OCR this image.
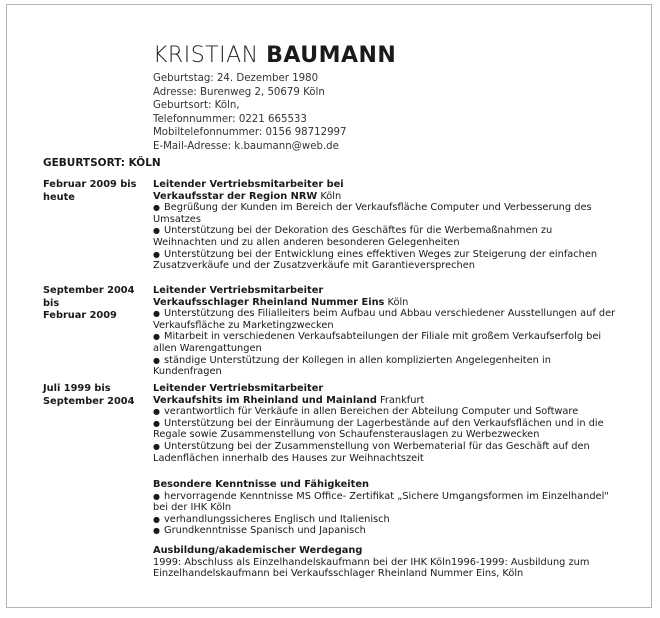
KRISTIAN BAUMANN
Geburtstag: 24. Dezember 1980
Adresse: Burenweg 2, 50679 Köln
Geburtsort: Köln,
Telefonnummer: 0221 665533
Mobiltelefonnummer: 0156 98712997
E-Mail-Adresse: k.baumann@web.de
GEBURTSORT: KÖLN
Februar 2009 bis
heute
Leitender Vertriebsmitarbeiter bei
Verkaufsstar der Region NRW Köln
● Begrüßung der Kunden im Bereich der Verkaufsfläche Computer und Verbesserung des Umsatzes
● Unterstützung bei der Dekoration des Geschäftes für die Werbemaßnahmen zu Weihnachten und zu allen anderen besonderen Gelegenheiten
● Unterstützung bei der Entwicklung eines effektiven Weges zur Steigerung der einfachen Zusatzverkäufe und der Zusatzverkäufe mit Garantieversprechen
September 2004 bis
Februar 2009
Leitender Vertriebsmitarbeiter
Verkaufsschlager Rheinland Nummer Eins Köln
● Unterstützung des Filialleiters beim Aufbau und Abbau verschiedener Ausstellungen auf der Verkaufsfläche zu Marketingzwecken
● Mitarbeit in verschiedenen Verkaufsabteilungen der Filiale mit großem Verkaufserfolg bei allen Warengattungen
● ständige Unterstützung der Kollegen in allen komplizierten Angelegenheiten in Kundenfragen
Juli 1999 bis
September 2004
Leitender Vertriebsmitarbeiter
Verkaufshits im Rheinland und Mainland Frankfurt
● verantwortlich für Verkäufe in allen Bereichen der Abteilung Computer und Software
● Unterstützung bei der Einräumung der Lagerbestände auf den Verkaufsflächen und in die Regale sowie Zusammenstellung von Schaufensterauslagen zu Werbezwecken
● Unterstützung bei der Zusammenstellung von Werbematerial für das Geschäft auf den Ladenflächen innerhalb des Hauses zur Weihnachtszeit
Besondere Kenntnisse und Fähigkeiten
● hervorragende Kenntnisse MS Office- Zertifikat „Sichere Umgangsformen im Einzelhandel" bei der IHK Köln
● verhandlungssicheres Englisch und Italienisch
● Grundkenntnisse Spanisch und Japanisch
Ausbildung/akademischer Werdegang
1999: Abschluss als Einzelhandelskaufmann bei der IHK Köln1996-1999: Ausbildung zum Einzelhandelskaufmann bei Verkaufsschlager Rheinland Nummer Eins, Köln
